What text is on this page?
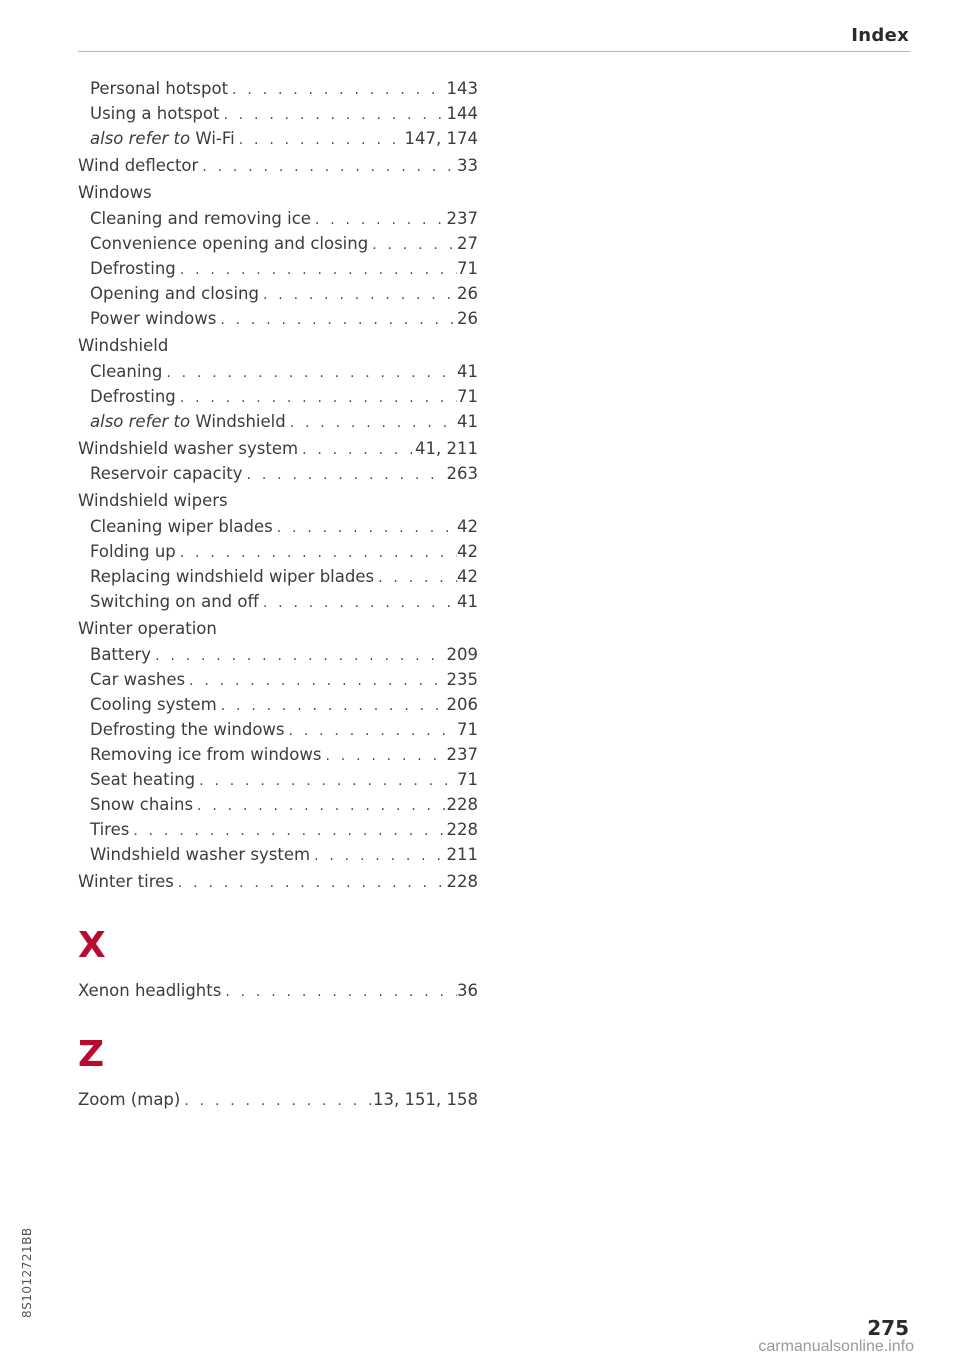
Index
Personal hotspot . . .	143
Using a hotspot . . .	144
also refer to Wi-Fi . . .	147, 174
Wind deflector . . .	33
Windows
Cleaning and removing ice . . .	237
Convenience opening and closing . . .	27
Defrosting . . .	71
Opening and closing . . .	26
Power windows . . .	26
Windshield
Cleaning . . .	41
Defrosting . . .	71
also refer to Windshield . . .	41
Windshield washer system . . .	41, 211
Reservoir capacity . . .	263
Windshield wipers
Cleaning wiper blades . . .	42
Folding up . . .	42
Replacing windshield wiper blades . . .	42
Switching on and off . . .	41
Winter operation
Battery . . .	209
Car washes . . .	235
Cooling system . . .	206
Defrosting the windows . . .	71
Removing ice from windows . . .	237
Seat heating . . .	71
Snow chains . . .	228
Tires . . .	228
Windshield washer system . . .	211
Winter tires . . .	228
X
Xenon headlights . . .	36
Z
Zoom (map) . . .	13, 151, 158
8S1012721BB
275
carmanualsonline.info
